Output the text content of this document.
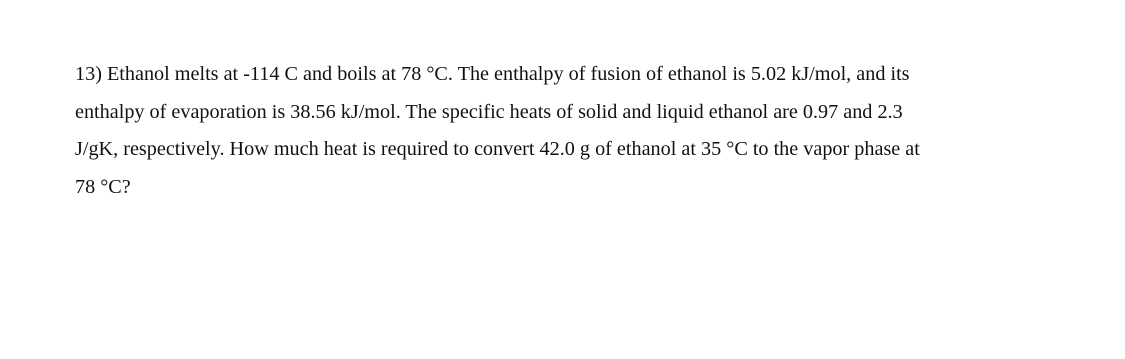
13) Ethanol melts at -114 C and boils at 78 °C. The enthalpy of fusion of ethanol is 5.02 kJ/mol, and its
enthalpy of evaporation is 38.56 kJ/mol. The specific heats of solid and liquid ethanol are 0.97 and 2.3
J/gK, respectively. How much heat is required to convert 42.0 g of ethanol at 35 °C to the vapor phase at
78 °C?
